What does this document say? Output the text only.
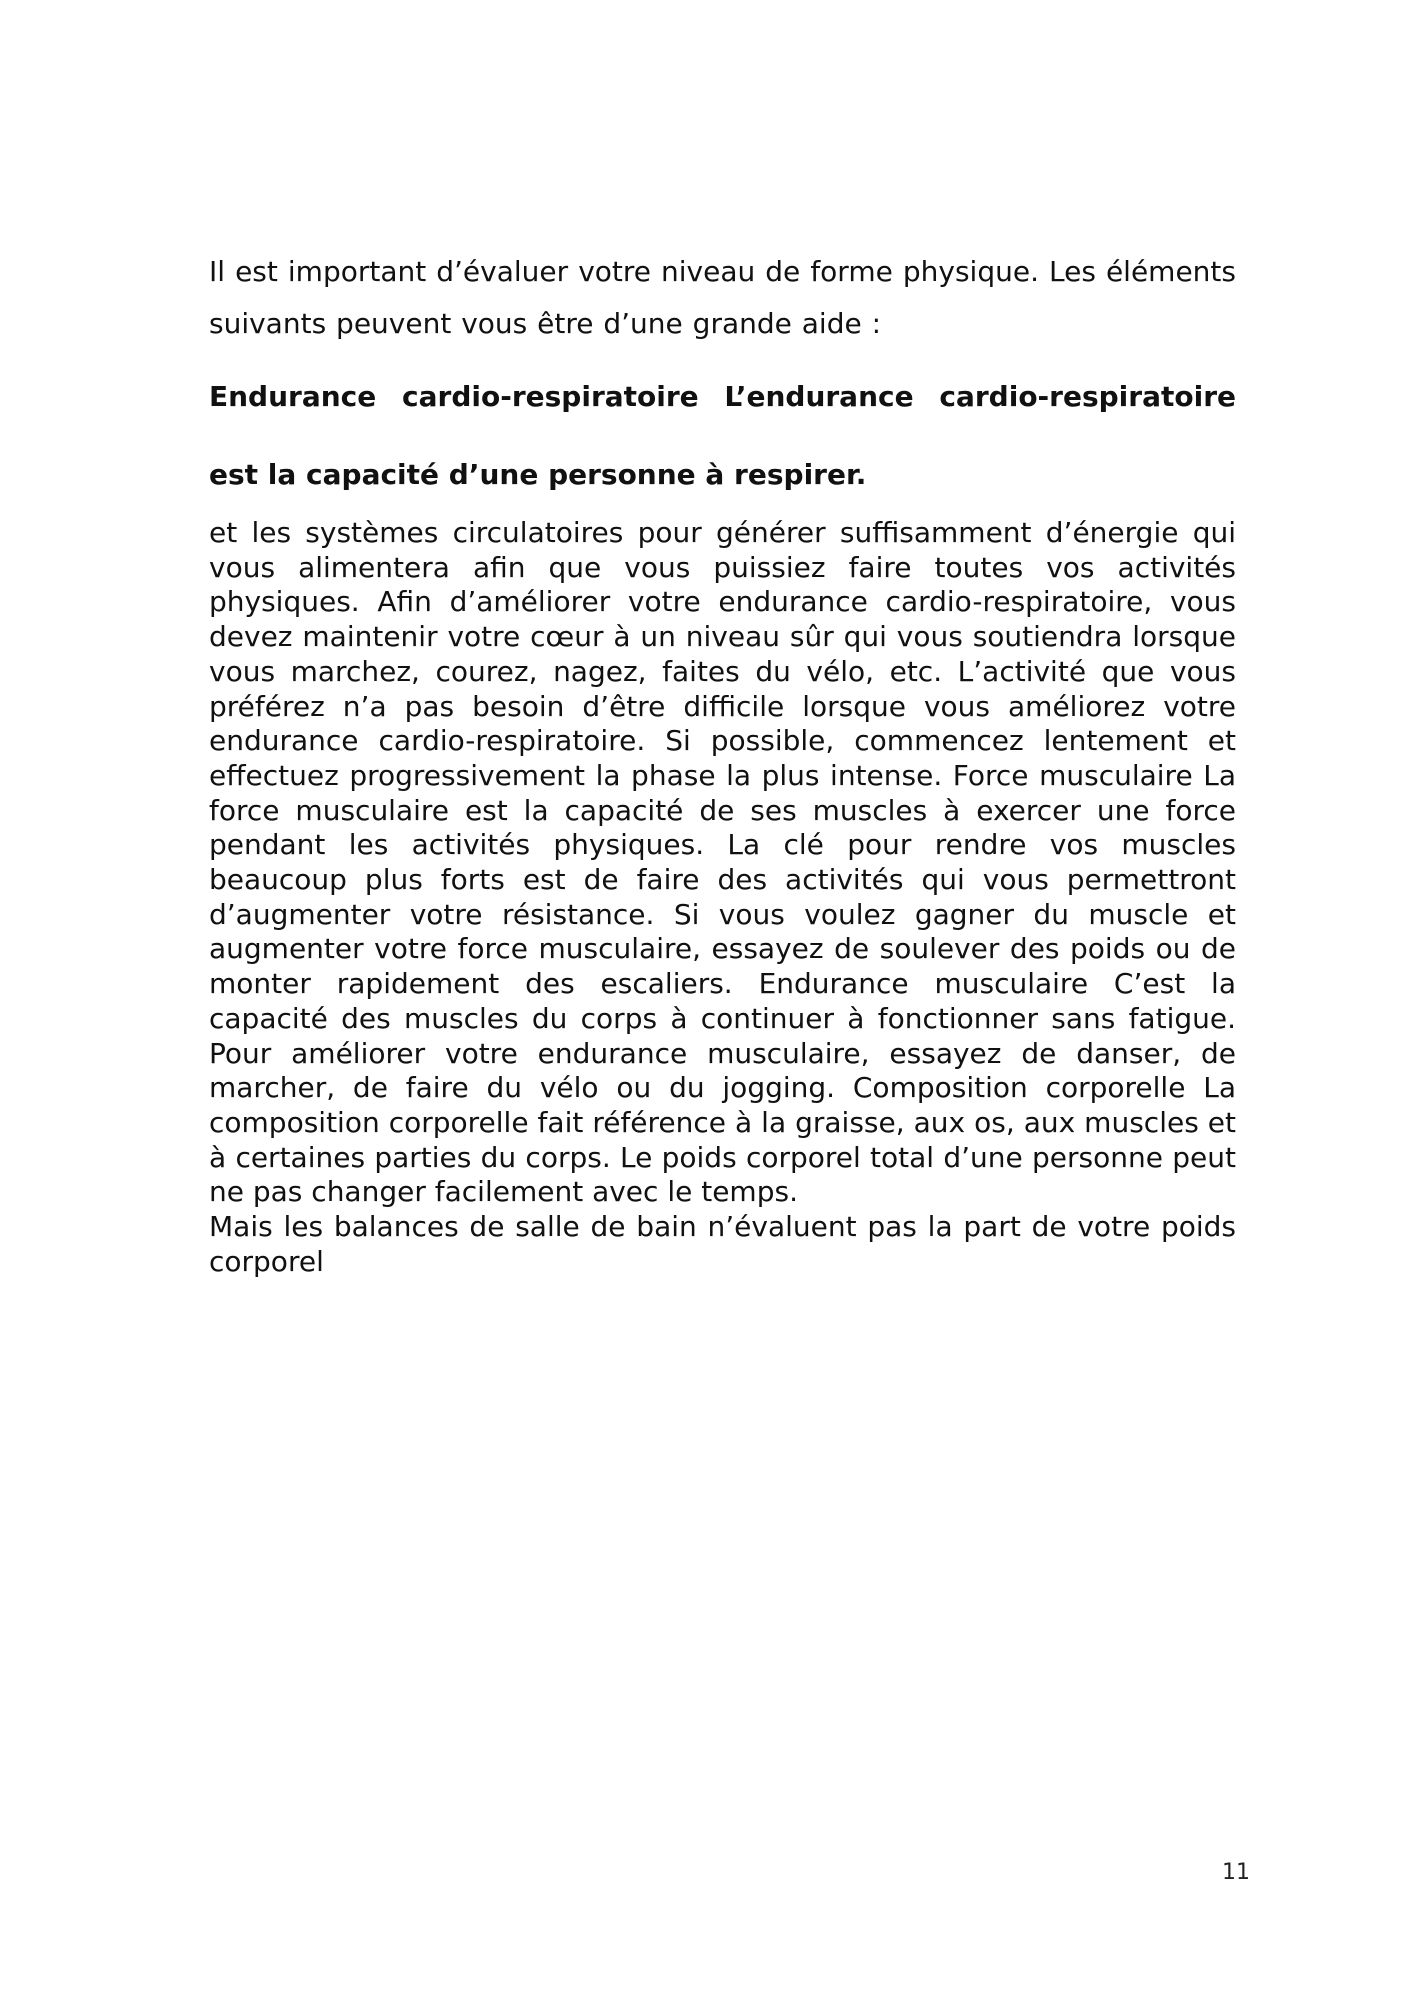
Il est important d’évaluer votre niveau de forme physique. Les éléments suivants peuvent vous être d’une grande aide :

Endurance cardio-respiratoire L’endurance cardio-respiratoire est la capacité d’une personne à respirer.

et les systèmes circulatoires pour générer suffisamment d’énergie qui vous alimentera afin que vous puissiez faire toutes vos activités physiques. Afin d’améliorer votre endurance cardio-respiratoire, vous devez maintenir votre cœur à un niveau sûr qui vous soutiendra lorsque vous marchez, courez, nagez, faites du vélo, etc. L’activité que vous préférez n’a pas besoin d’être difficile lorsque vous améliorez votre endurance cardio-respiratoire. Si possible, commencez lentement et effectuez progressivement la phase la plus intense. Force musculaire La force musculaire est la capacité de ses muscles à exercer une force pendant les activités physiques. La clé pour rendre vos muscles beaucoup plus forts est de faire des activités qui vous permettront d’augmenter votre résistance. Si vous voulez gagner du muscle et augmenter votre force musculaire, essayez de soulever des poids ou de monter rapidement des escaliers. Endurance musculaire C’est la capacité des muscles du corps à continuer à fonctionner sans fatigue. Pour améliorer votre endurance musculaire, essayez de danser, de marcher, de faire du vélo ou du jogging. Composition corporelle La composition corporelle fait référence à la graisse, aux os, aux muscles et à certaines parties du corps. Le poids corporel total d’une personne peut ne pas changer facilement avec le temps.

Mais les balances de salle de bain n’évaluent pas la part de votre poids corporel

11
